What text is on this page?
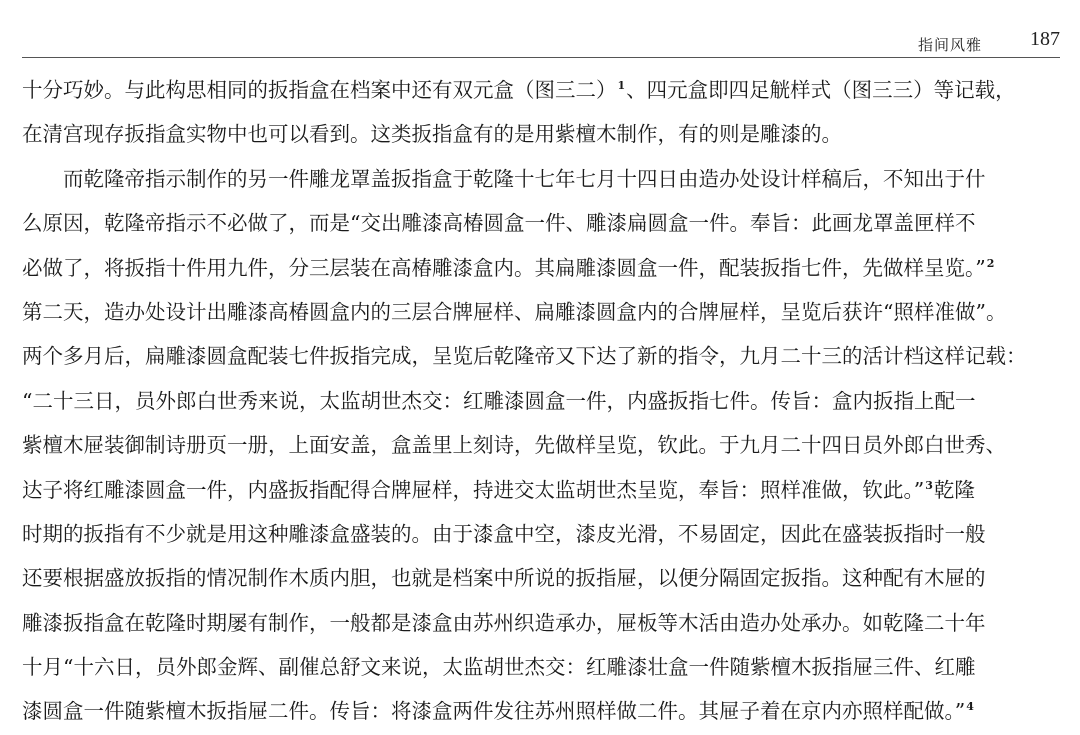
指间风雅 187
十分巧妙。与此构思相同的扳指盒在档案中还有双元盒（图三二）$^1$、四元盒即四足觥样式（图三三）等记载，
在清宫现存扳指盒实物中也可以看到。这类扳指盒有的是用紫檀木制作，有的则是雕漆的。
而乾隆帝指示制作的另一件雕龙罩盖扳指盒于乾隆十七年七月十四日由造办处设计样稿后，不知出于什
么原因，乾隆帝指示不必做了，而是“交出雕漆高椿圆盒一件、雕漆扁圆盒一件。奉旨：此画龙罩盖匣样不
必做了，将扳指十件用九件，分三层装在高椿雕漆盒内。其扁雕漆圆盒一件，配装扳指七件，先做样呈览。”$^2$
第二天，造办处设计出雕漆高椿圆盒内的三层合牌屉样、扁雕漆圆盒内的合牌屉样，呈览后获许“照样准做”。
两个多月后，扁雕漆圆盒配装七件扳指完成，呈览后乾隆帝又下达了新的指令，九月二十三的活计档这样记载：
“二十三日，员外郎白世秀来说，太监胡世杰交：红雕漆圆盒一件，内盛扳指七件。传旨：盒内扳指上配一
紫檀木屉装御制诗册页一册，上面安盖，盒盖里上刻诗，先做样呈览，钦此。于九月二十四日员外郎白世秀、
达子将红雕漆圆盒一件，内盛扳指配得合牌屉样，持进交太监胡世杰呈览，奉旨：照样准做，钦此。”$^3$乾隆
时期的扳指有不少就是用这种雕漆盒盛装的。由于漆盒中空，漆皮光滑，不易固定，因此在盛装扳指时一般
还要根据盛放扳指的情况制作木质内胆，也就是档案中所说的扳指屉，以便分隔固定扳指。这种配有木屉的
雕漆扳指盒在乾隆时期屡有制作，一般都是漆盒由苏州织造承办，屉板等木活由造办处承办。如乾隆二十年
十月“十六日，员外郎金辉、副催总舒文来说，太监胡世杰交：红雕漆壮盒一件随紫檀木扳指屉三件、红雕
漆圆盒一件随紫檀木扳指屉二件。传旨：将漆盒两件发往苏州照样做二件。其屉子着在京内亦照样配做。”$^4$
